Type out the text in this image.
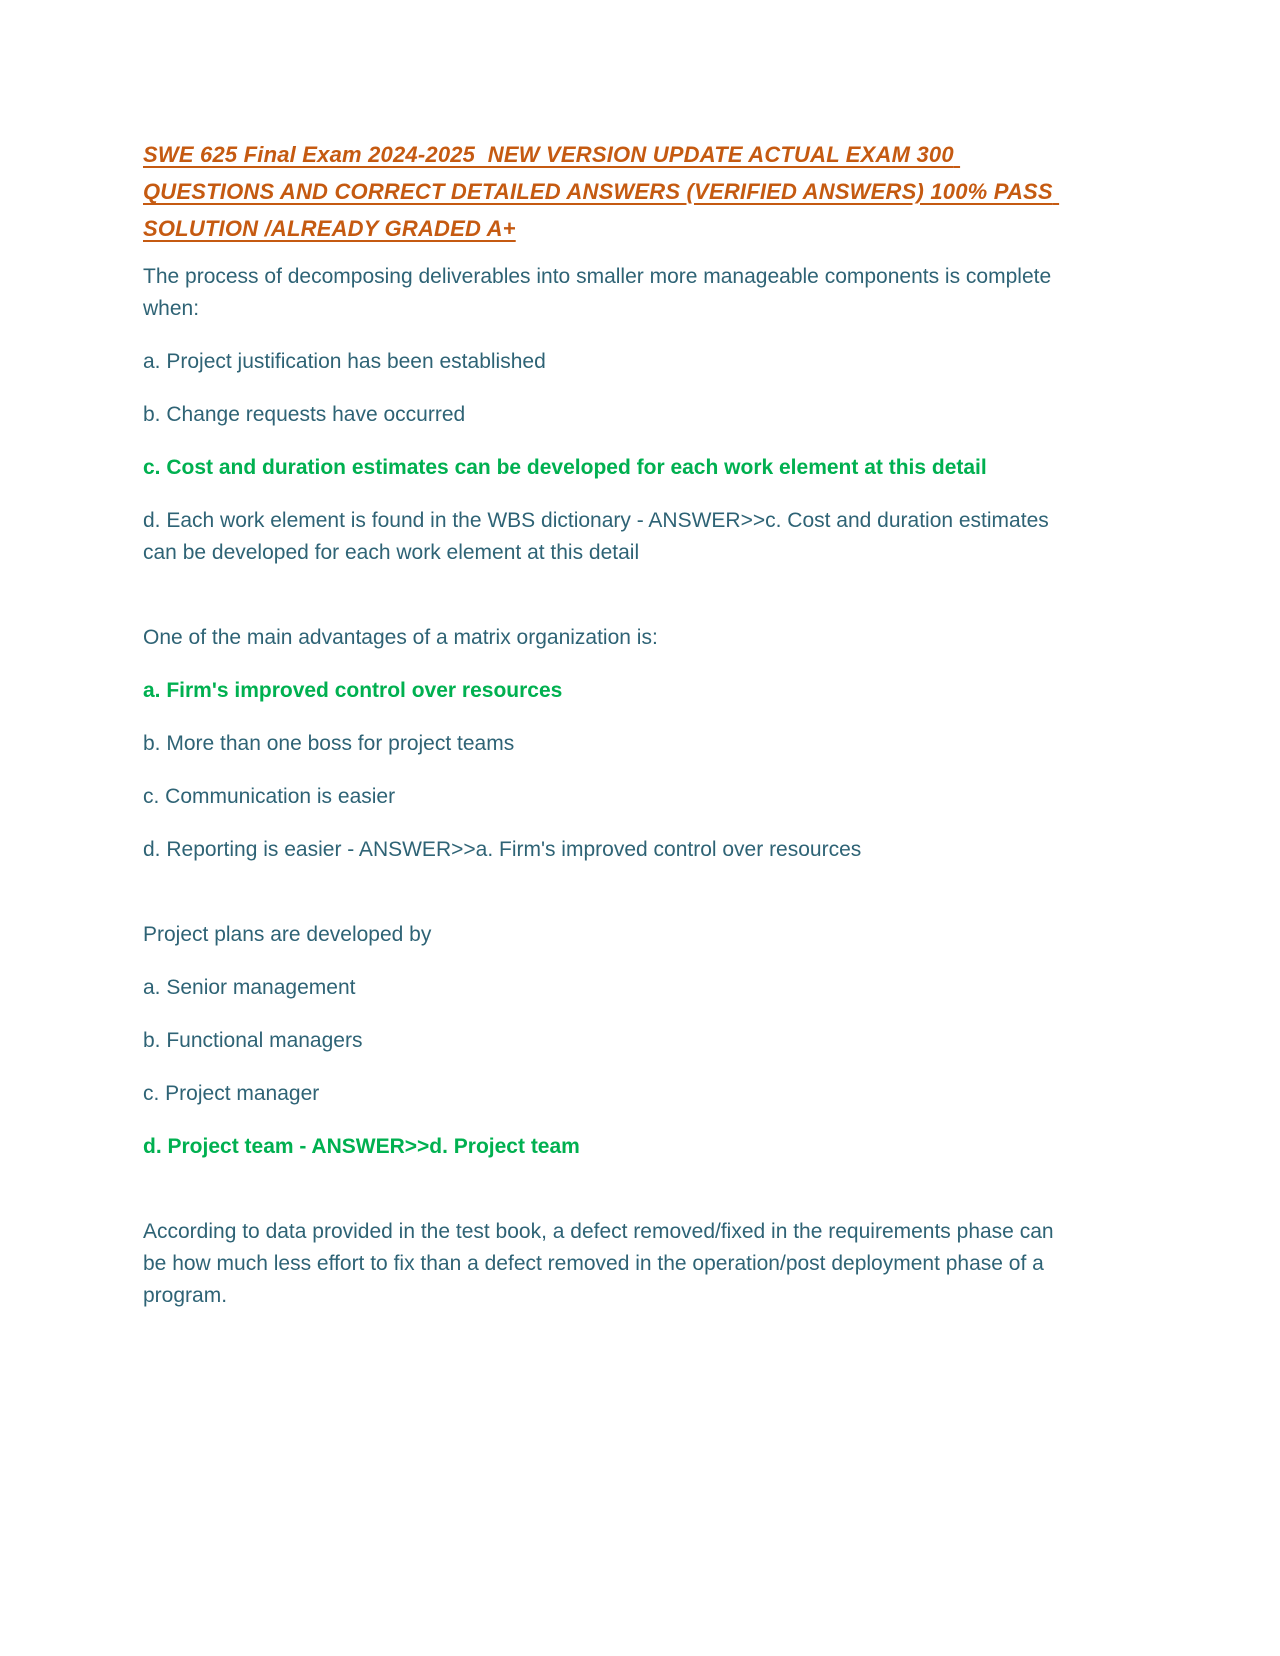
SWE 625 Final Exam 2024-2025  NEW VERSION UPDATE ACTUAL EXAM 300 QUESTIONS AND CORRECT DETAILED ANSWERS (VERIFIED ANSWERS) 100% PASS SOLUTION /ALREADY GRADED A+

The process of decomposing deliverables into smaller more manageable components is complete when:

a. Project justification has been established

b. Change requests have occurred

c. Cost and duration estimates can be developed for each work element at this detail

d. Each work element is found in the WBS dictionary - ANSWER>>c. Cost and duration estimates can be developed for each work element at this detail

One of the main advantages of a matrix organization is:

a. Firm's improved control over resources

b. More than one boss for project teams

c. Communication is easier

d. Reporting is easier - ANSWER>>a. Firm's improved control over resources

Project plans are developed by

a. Senior management

b. Functional managers

c. Project manager

d. Project team - ANSWER>>d. Project team

According to data provided in the test book, a defect removed/fixed in the requirements phase can be how much less effort to fix than a defect removed in the operation/post deployment phase of a program.
